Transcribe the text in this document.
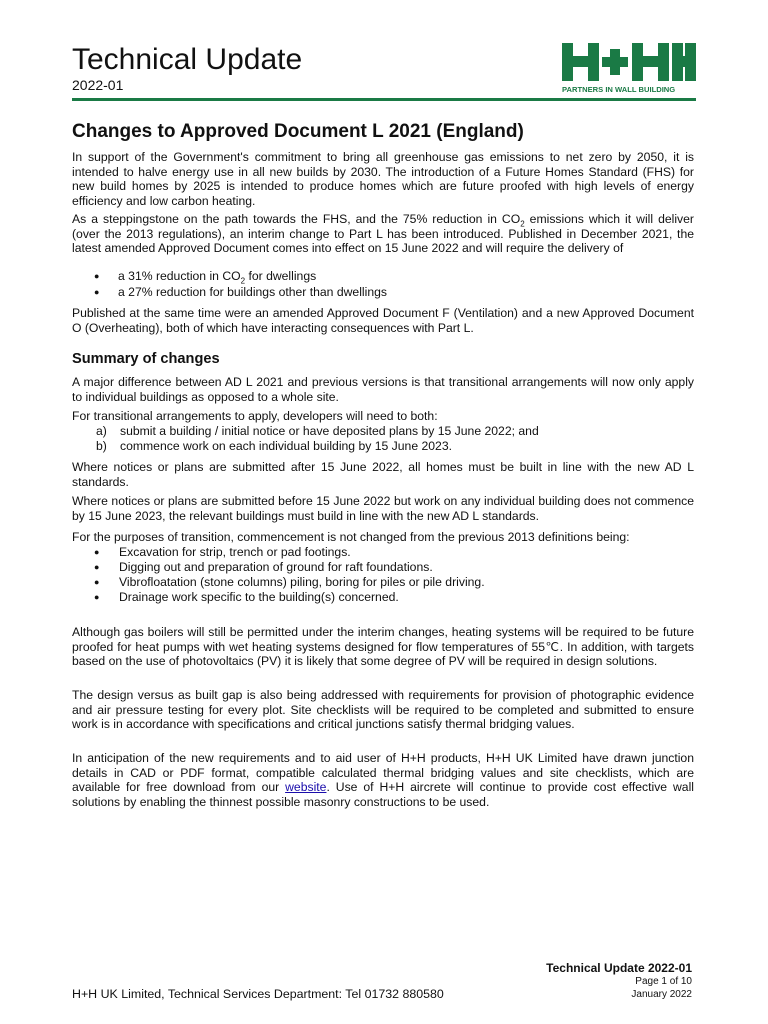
Technical Update
2022-01	PARTNERS IN WALL BUILDING
Changes to Approved Document L 2021 (England)
In support of the Government's commitment to bring all greenhouse gas emissions to net zero by 2050, it is intended to halve energy use in all new builds by 2030. The introduction of a Future Homes Standard (FHS) for new build homes by 2025 is intended to produce homes which are future proofed with high levels of energy efficiency and low carbon heating.
As a steppingstone on the path towards the FHS, and the 75% reduction in $CO_2$ emissions which it will deliver (over the 2013 regulations), an interim change to Part L has been introduced. Published in December 2021, the latest amended Approved Document comes into effect on 15 June 2022 and will require the delivery of
● a 31% reduction in $CO_2$ for dwellings
● a 27% reduction for buildings other than dwellings
Published at the same time were an amended Approved Document F (Ventilation) and a new Approved Document O (Overheating), both of which have interacting consequences with Part L.
Summary of changes
A major difference between AD L 2021 and previous versions is that transitional arrangements will now only apply to individual buildings as opposed to a whole site.
For transitional arrangements to apply, developers will need to both:
a) submit a building / initial notice or have deposited plans by 15 June 2022; and
b) commence work on each individual building by 15 June 2023.
Where notices or plans are submitted after 15 June 2022, all homes must be built in line with the new AD L standards.
Where notices or plans are submitted before 15 June 2022 but work on any individual building does not commence by 15 June 2023, the relevant buildings must build in line with the new AD L standards.
For the purposes of transition, commencement is not changed from the previous 2013 definitions being:
● Excavation for strip, trench or pad footings.
● Digging out and preparation of ground for raft foundations.
● Vibrofloatation (stone columns) piling, boring for piles or pile driving.
● Drainage work specific to the building(s) concerned.
Although gas boilers will still be permitted under the interim changes, heating systems will be required to be future proofed for heat pumps with wet heating systems designed for flow temperatures of 55℃. In addition, with targets based on the use of photovoltaics (PV) it is likely that some degree of PV will be required in design solutions.
The design versus as built gap is also being addressed with requirements for provision of photographic evidence and air pressure testing for every plot. Site checklists will be required to be completed and submitted to ensure work is in accordance with specifications and critical junctions satisfy thermal bridging values.
In anticipation of the new requirements and to aid user of H+H products, H+H UK Limited have drawn junction details in CAD or PDF format, compatible calculated thermal bridging values and site checklists, which are available for free download from our website. Use of H+H aircrete will continue to provide cost effective wall solutions by enabling the thinnest possible masonry constructions to be used.
Technical Update 2022-01
Page 1 of 10
January 2022
H+H UK Limited, Technical Services Department: Tel 01732 880580
